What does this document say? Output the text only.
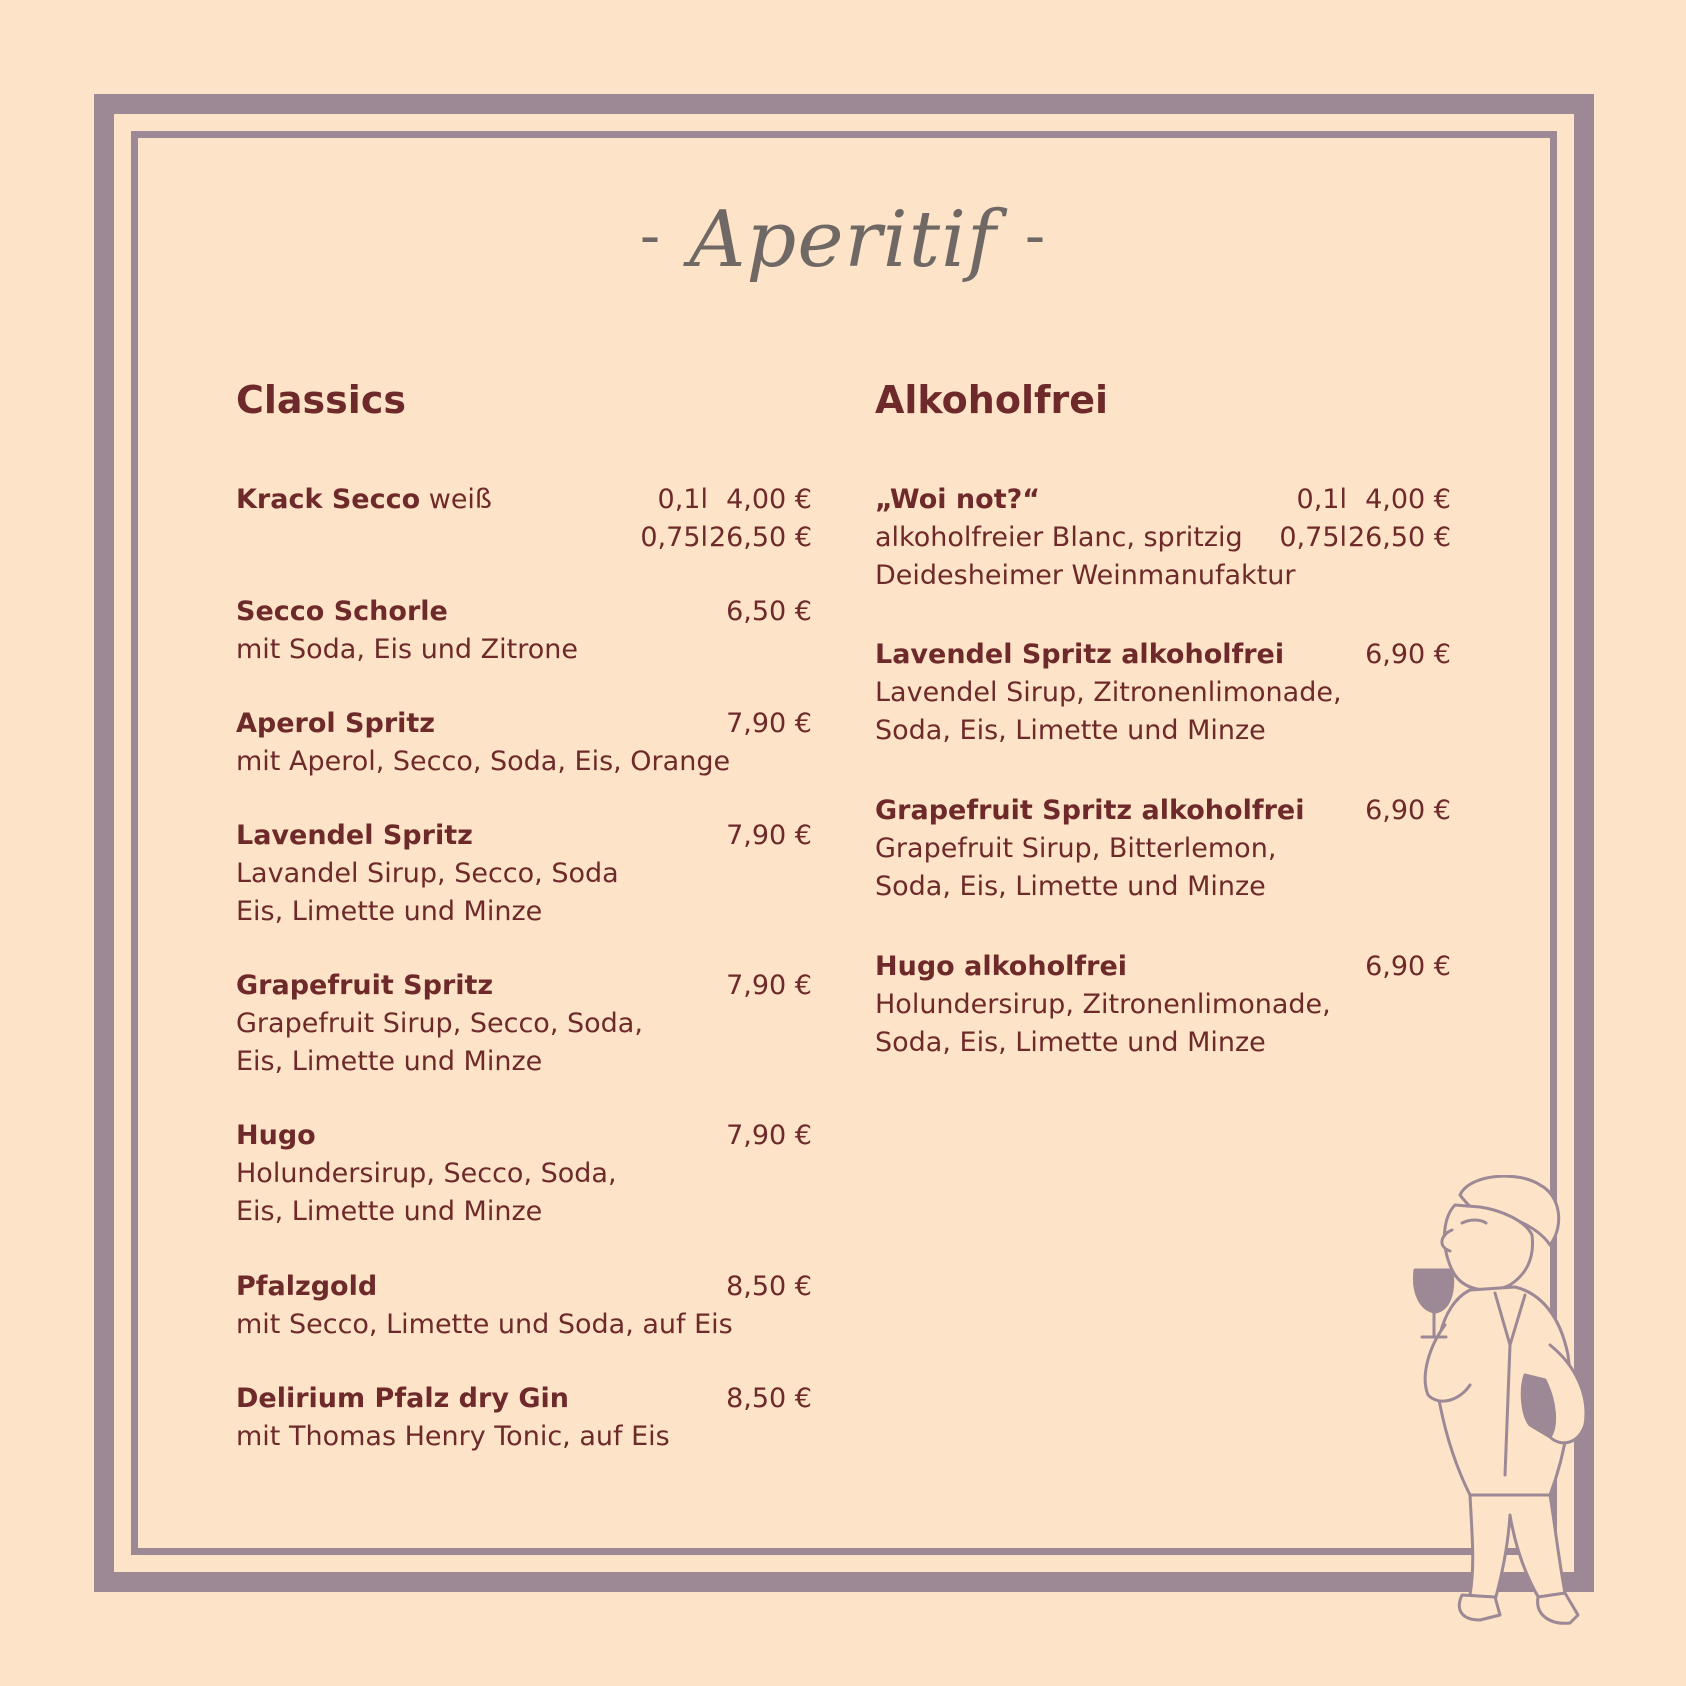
- Aperitif -
Classics
Krack Secco weiß	0,1l 4,00 €
0,75l 26,50 €
Secco Schorle	6,50 €
mit Soda, Eis und Zitrone
Aperol Spritz	7,90 €
mit Aperol, Secco, Soda, Eis, Orange
Lavendel Spritz	7,90 €
Lavandel Sirup, Secco, Soda
Eis, Limette und Minze
Grapefruit Spritz	7,90 €
Grapefruit Sirup, Secco, Soda,
Eis, Limette und Minze
Hugo	7,90 €
Holundersirup, Secco, Soda,
Eis, Limette und Minze
Pfalzgold	8,50 €
mit Secco, Limette und Soda, auf Eis
Delirium Pfalz dry Gin	8,50 €
mit Thomas Henry Tonic, auf Eis
Alkoholfrei
„Woi not?“	0,1l 4,00 €
alkoholfreier Blanc, spritzig 0,75l 26,50 €
Deidesheimer Weinmanufaktur
Lavendel Spritz alkoholfrei	6,90 €
Lavendel Sirup, Zitronenlimonade,
Soda, Eis, Limette und Minze
Grapefruit Spritz alkoholfrei 6,90 €
Grapefruit Sirup, Bitterlemon,
Soda, Eis, Limette und Minze
Hugo alkoholfrei	6,90 €
Holundersirup, Zitronenlimonade,
Soda, Eis, Limette und Minze
